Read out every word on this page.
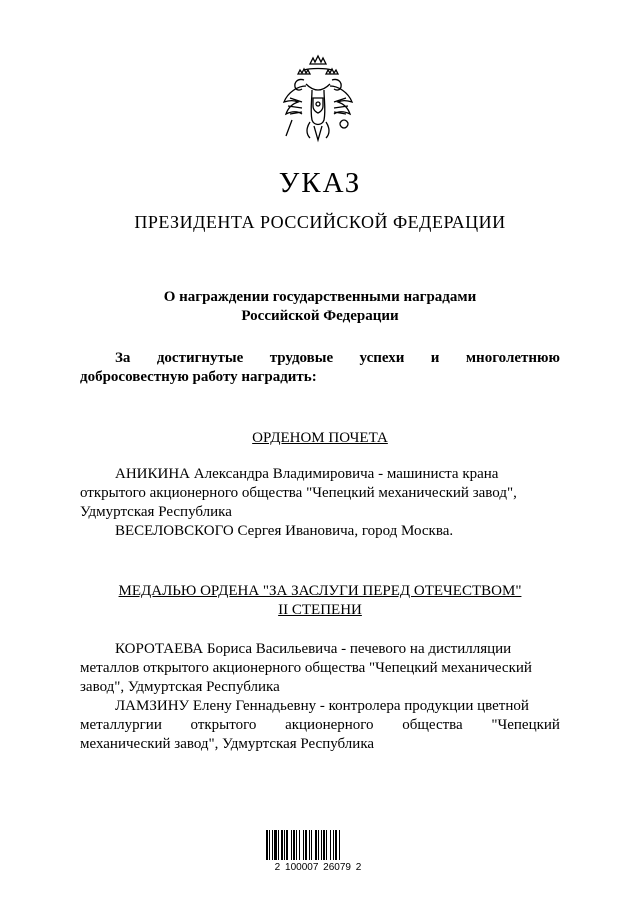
УКАЗ
ПРЕЗИДЕНТА РОССИЙСКОЙ ФЕДЕРАЦИИ
О награждении государственными наградами
Российской Федерации
За достигнутые трудовые успехи и многолетнюю
добросовестную работу наградить:
ОРДЕНОМ ПОЧЕТА
АНИКИНА Александра Владимировича - машиниста крана
открытого акционерного общества "Чепецкий механический завод",
Удмуртская Республика
ВЕСЕЛОВСКОГО Сергея Ивановича, город Москва.
МЕДАЛЬЮ ОРДЕНА "ЗА ЗАСЛУГИ ПЕРЕД ОТЕЧЕСТВОМ"
II СТЕПЕНИ
КОРОТАЕВА Бориса Васильевича - печевого на дистилляции
металлов открытого акционерного общества "Чепецкий механический
завод", Удмуртская Республика
ЛАМЗИНУ Елену Геннадьевну - контролера продукции цветной
металлургии открытого акционерного общества "Чепецкий
механический завод", Удмуртская Республика
2 100007 26079 2
